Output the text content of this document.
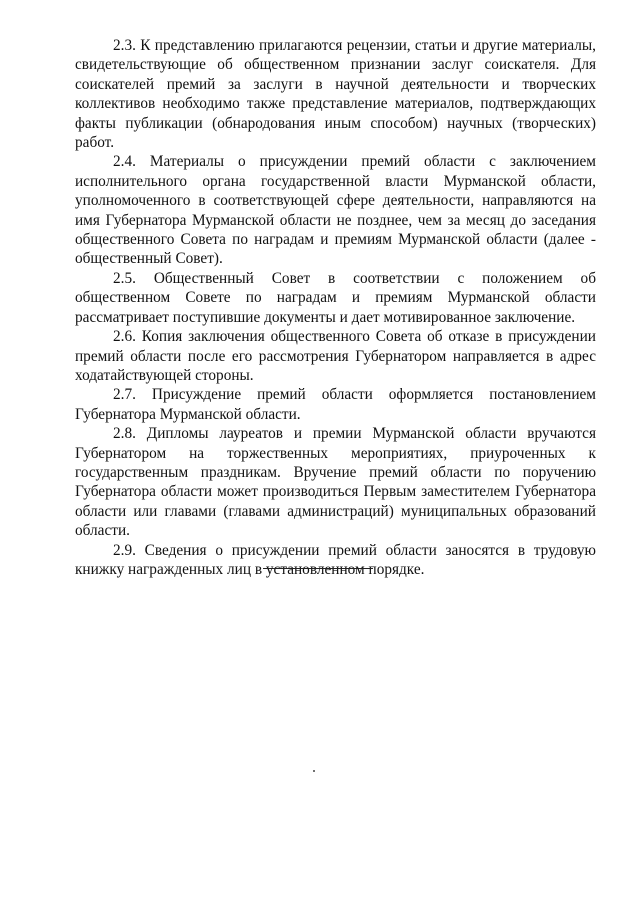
2.3. К представлению прилагаются рецензии, статьи и другие материалы, свидетельствующие об общественном признании заслуг соискателя. Для соискателей премий за заслуги в научной деятельности и творческих коллективов необходимо также представление материалов, подтверждающих факты публикации (обнародования иным способом) научных (творческих) работ.

2.4. Материалы о присуждении премий области с заключением исполнительного органа государственной власти Мурманской области, уполномоченного в соответствующей сфере деятельности, направляются на имя Губернатора Мурманской области не позднее, чем за месяц до заседания общественного Совета по наградам и премиям Мурманской области (далее - общественный Совет).

2.5. Общественный Совет в соответствии с положением об общественном Совете по наградам и премиям Мурманской области рассматривает поступившие документы и дает мотивированное заключение.

2.6. Копия заключения общественного Совета об отказе в присуждении премий области после его рассмотрения Губернатором направляется в адрес ходатайствующей стороны.

2.7. Присуждение премий области оформляется постановлением Губернатора Мурманской области.

2.8. Дипломы лауреатов и премии Мурманской области вручаются Губернатором на торжественных мероприятиях, приуроченных к государственным праздникам. Вручение премий области по поручению Губернатора области может производиться Первым заместителем Губернатора области или главами (главами администраций) муниципальных образований области.

2.9. Сведения о присуждении премий области заносятся в трудовую книжку награжденных лиц в установленном порядке.
